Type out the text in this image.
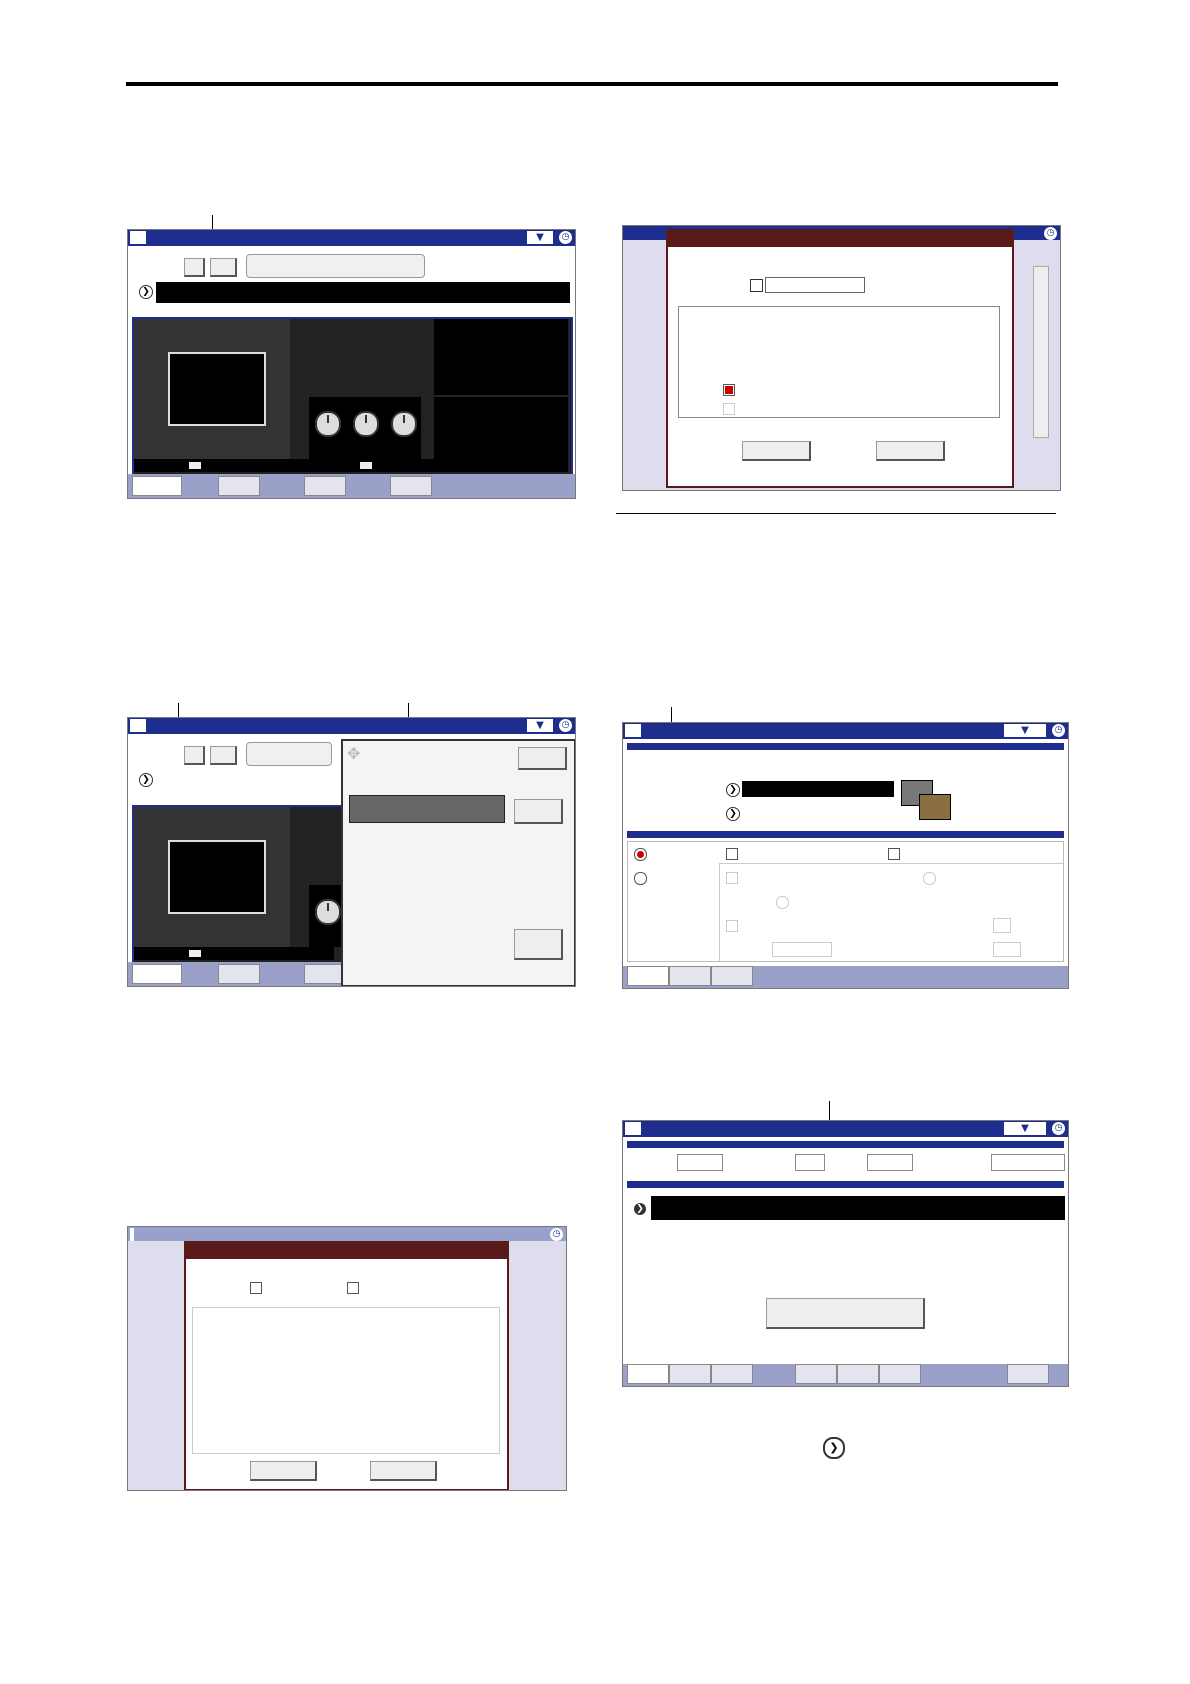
▼	◷
❯
◷
▼	◷
❯
✥
▼	◷
❯
❯
◷
▼	◷
❯
❯
